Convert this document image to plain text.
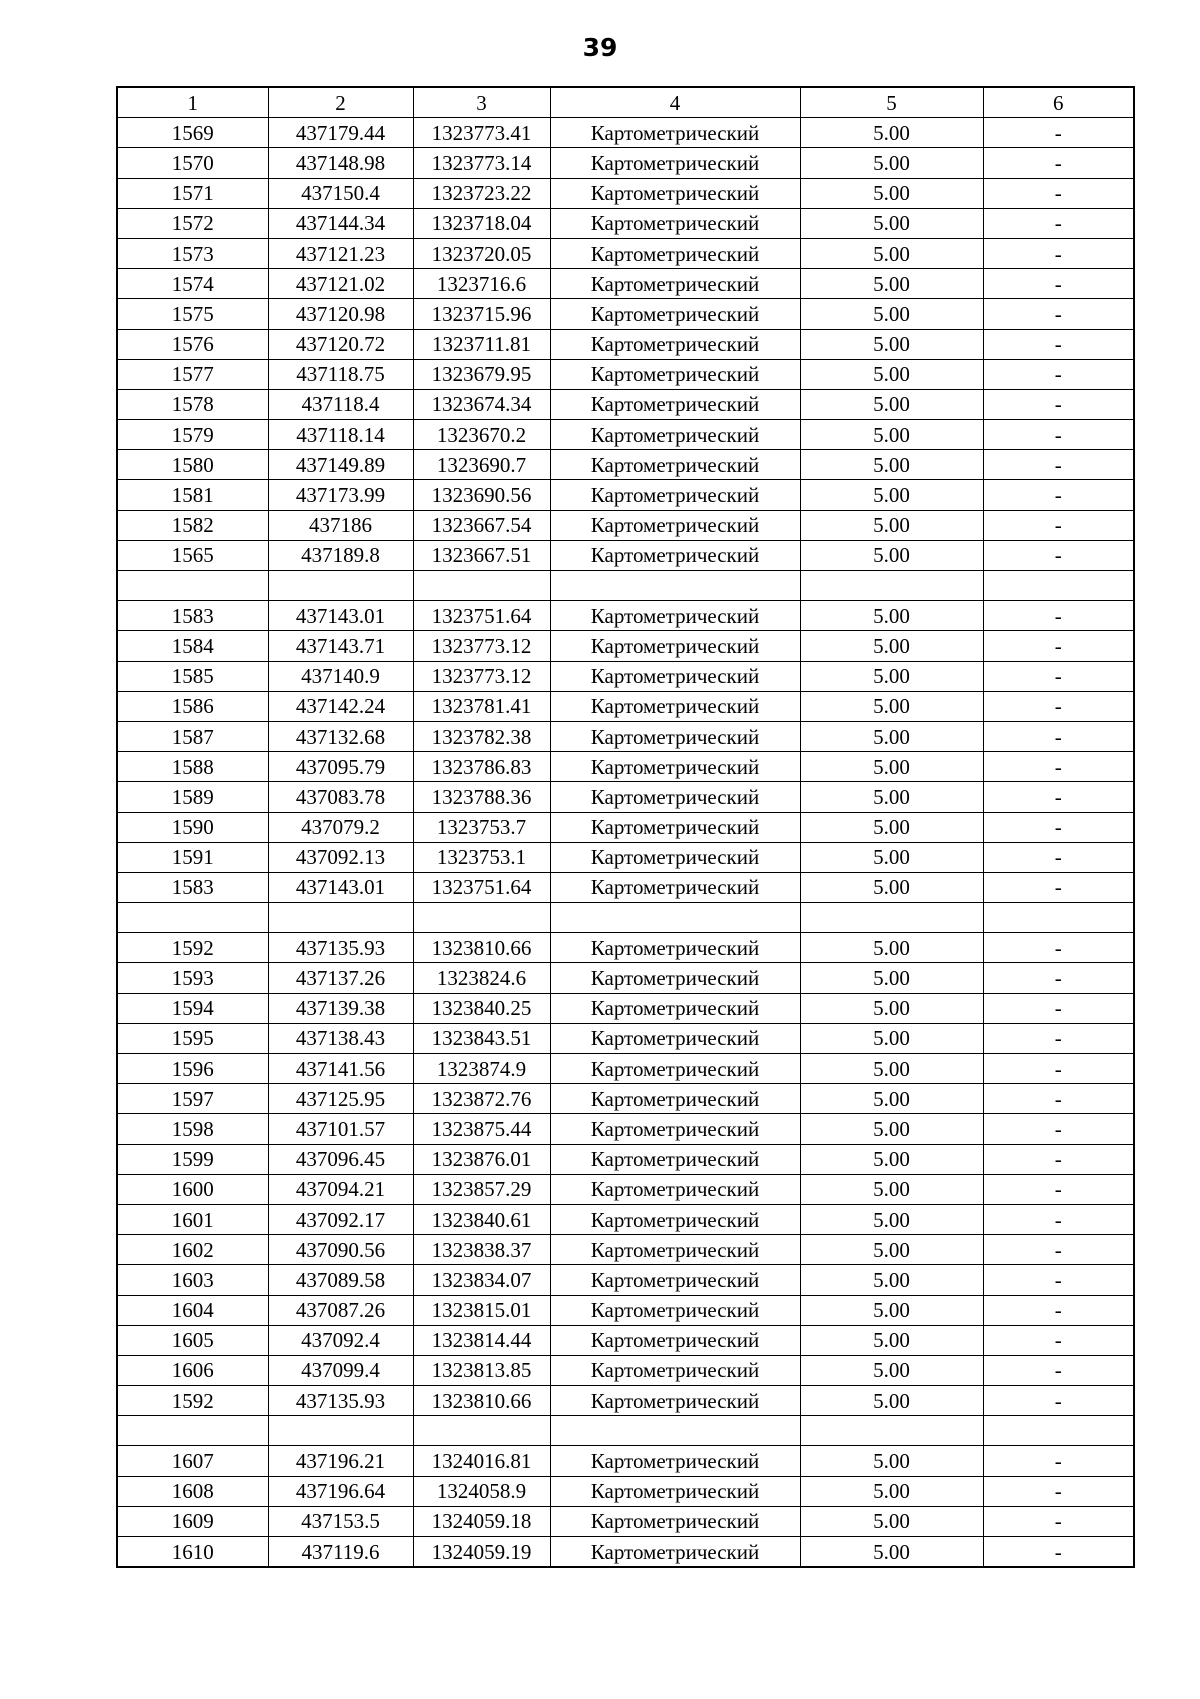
39
1	2	3	4	5	6
1569	437179.44	1323773.41	Картометрический	5.00	-
1570	437148.98	1323773.14	Картометрический	5.00	-
1571	437150.4	1323723.22	Картометрический	5.00	-
1572	437144.34	1323718.04	Картометрический	5.00	-
1573	437121.23	1323720.05	Картометрический	5.00	-
1574	437121.02	1323716.6	Картометрический	5.00	-
1575	437120.98	1323715.96	Картометрический	5.00	-
1576	437120.72	1323711.81	Картометрический	5.00	-
1577	437118.75	1323679.95	Картометрический	5.00	-
1578	437118.4	1323674.34	Картометрический	5.00	-
1579	437118.14	1323670.2	Картометрический	5.00	-
1580	437149.89	1323690.7	Картометрический	5.00	-
1581	437173.99	1323690.56	Картометрический	5.00	-
1582	437186	1323667.54	Картометрический	5.00	-
1565	437189.8	1323667.51	Картометрический	5.00	-

1583	437143.01	1323751.64	Картометрический	5.00	-
1584	437143.71	1323773.12	Картометрический	5.00	-
1585	437140.9	1323773.12	Картометрический	5.00	-
1586	437142.24	1323781.41	Картометрический	5.00	-
1587	437132.68	1323782.38	Картометрический	5.00	-
1588	437095.79	1323786.83	Картометрический	5.00	-
1589	437083.78	1323788.36	Картометрический	5.00	-
1590	437079.2	1323753.7	Картометрический	5.00	-
1591	437092.13	1323753.1	Картометрический	5.00	-
1583	437143.01	1323751.64	Картометрический	5.00	-

1592	437135.93	1323810.66	Картометрический	5.00	-
1593	437137.26	1323824.6	Картометрический	5.00	-
1594	437139.38	1323840.25	Картометрический	5.00	-
1595	437138.43	1323843.51	Картометрический	5.00	-
1596	437141.56	1323874.9	Картометрический	5.00	-
1597	437125.95	1323872.76	Картометрический	5.00	-
1598	437101.57	1323875.44	Картометрический	5.00	-
1599	437096.45	1323876.01	Картометрический	5.00	-
1600	437094.21	1323857.29	Картометрический	5.00	-
1601	437092.17	1323840.61	Картометрический	5.00	-
1602	437090.56	1323838.37	Картометрический	5.00	-
1603	437089.58	1323834.07	Картометрический	5.00	-
1604	437087.26	1323815.01	Картометрический	5.00	-
1605	437092.4	1323814.44	Картометрический	5.00	-
1606	437099.4	1323813.85	Картометрический	5.00	-
1592	437135.93	1323810.66	Картометрический	5.00	-

1607	437196.21	1324016.81	Картометрический	5.00	-
1608	437196.64	1324058.9	Картометрический	5.00	-
1609	437153.5	1324059.18	Картометрический	5.00	-
1610	437119.6	1324059.19	Картометрический	5.00	-
